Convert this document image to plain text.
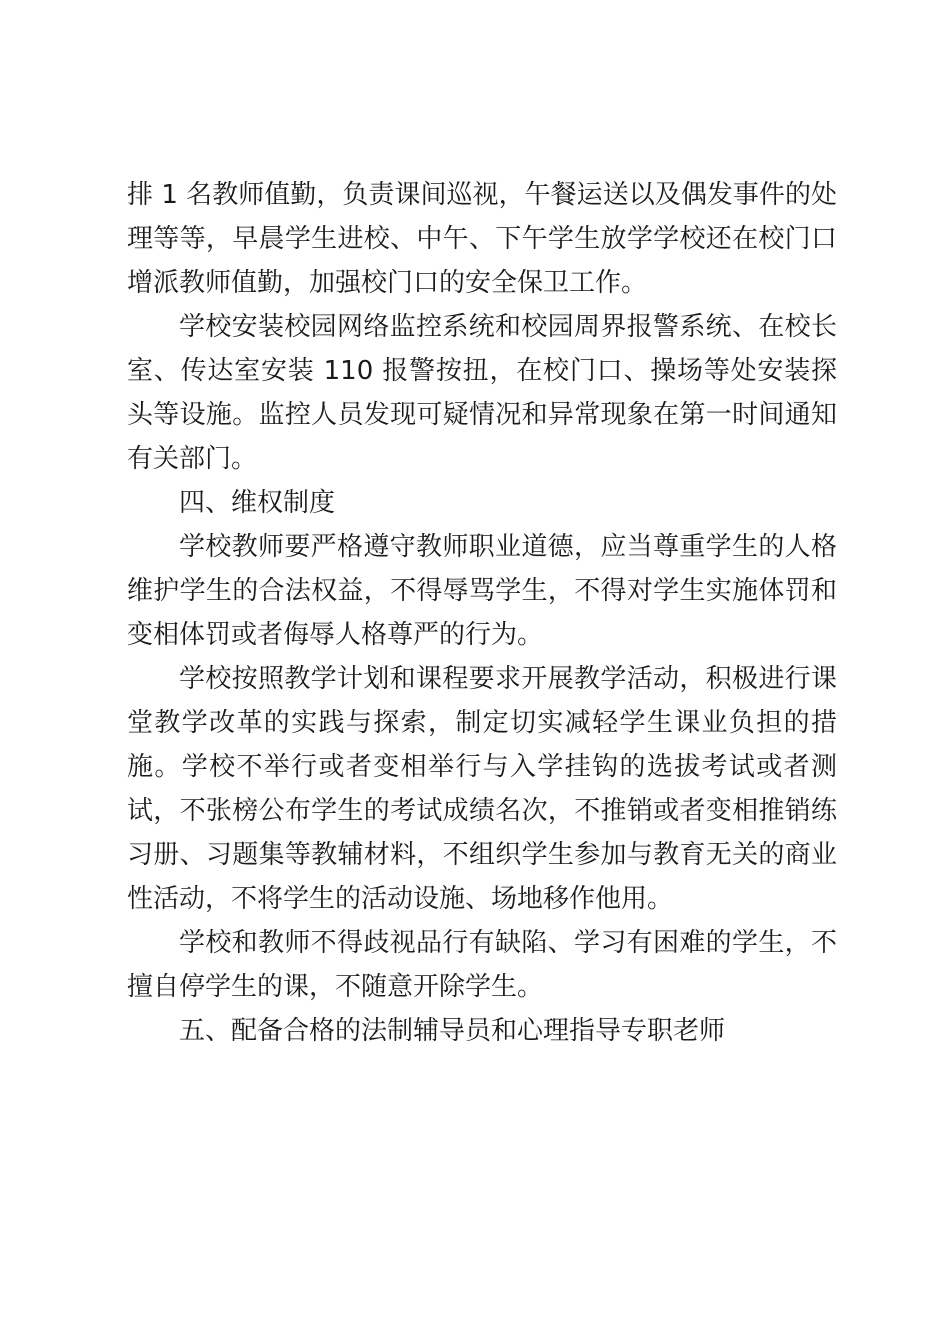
排 1 名教师值勤，负责课间巡视，午餐运送以及偶发事件的处理等等，早晨学生进校、中午、下午学生放学学校还在校门口增派教师值勤，加强校门口的安全保卫工作。

学校安装校园网络监控系统和校园周界报警系统、在校长室、传达室安装 110 报警按扭，在校门口、操场等处安装探头等设施。监控人员发现可疑情况和异常现象在第一时间通知有关部门。

四、维权制度

学校教师要严格遵守教师职业道德，应当尊重学生的人格维护学生的合法权益，不得辱骂学生，不得对学生实施体罚和变相体罚或者侮辱人格尊严的行为。

学校按照教学计划和课程要求开展教学活动，积极进行课堂教学改革的实践与探索，制定切实减轻学生课业负担的措施。学校不举行或者变相举行与入学挂钩的选拔考试或者测试，不张榜公布学生的考试成绩名次，不推销或者变相推销练习册、习题集等教辅材料，不组织学生参加与教育无关的商业性活动，不将学生的活动设施、场地移作他用。

学校和教师不得歧视品行有缺陷、学习有困难的学生，不擅自停学生的课，不随意开除学生。

五、配备合格的法制辅导员和心理指导专职老师
